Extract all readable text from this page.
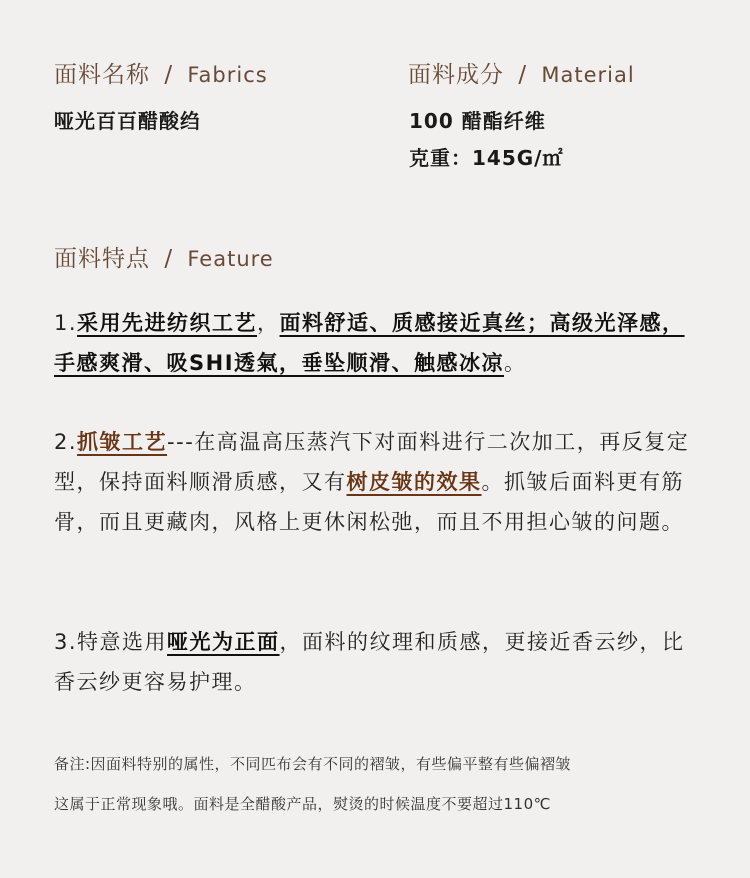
面料名称 / Fabrics
哑光百百醋酸绉
面料成分 / Material
100 醋酯纤维
克重：145G/㎡
面料特点 / Feature
1.采用先进纺织工艺，面料舒适、质感接近真丝；高级光泽感，手感爽滑、吸SHI透氣，垂坠顺滑、触感冰凉。
2.抓皱工艺---在高温高压蒸汽下对面料进行二次加工，再反复定型，保持面料顺滑质感，又有树皮皱的效果。抓皱后面料更有筋骨，而且更藏肉，风格上更休闲松弛，而且不用担心皱的问题。
3.特意选用哑光为正面，面料的纹理和质感，更接近香云纱，比香云纱更容易护理。
备注:因面料特别的属性，不同匹布会有不同的褶皱，有些偏平整有些偏褶皱
这属于正常现象哦。面料是全醋酸产品，熨烫的时候温度不要超过110℃
